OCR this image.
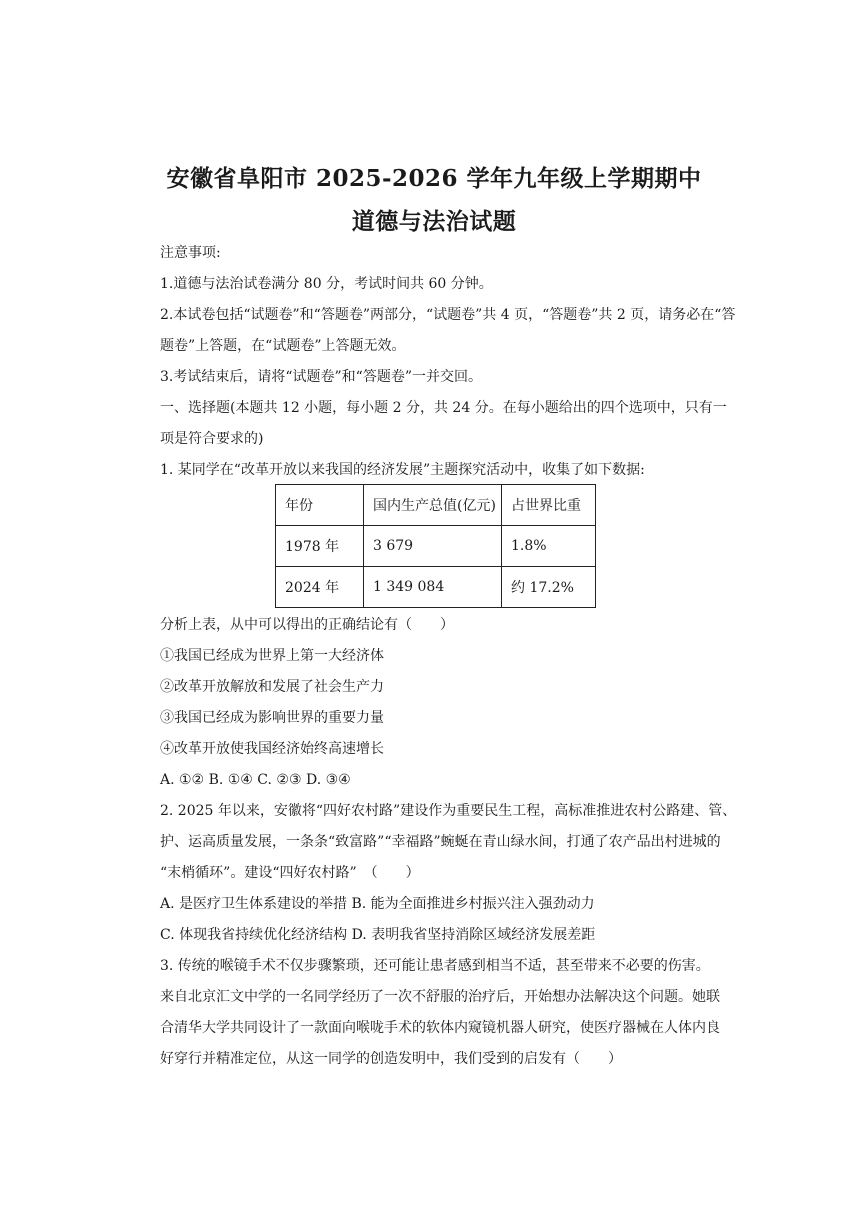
安徽省阜阳市 2025-2026 学年九年级上学期期中
道德与法治试题
注意事项:
1.道德与法治试卷满分 80 分，考试时间共 60 分钟。
2.本试卷包括“试题卷”和“答题卷”两部分，“试题卷”共 4 页，“答题卷”共 2 页，请务必在“答
题卷”上答题，在“试题卷”上答题无效。
3.考试结束后，请将“试题卷”和“答题卷”一并交回。
一、选择题(本题共 12 小题，每小题 2 分，共 24 分。在每小题给出的四个选项中，只有一
项是符合要求的)
1. 某同学在“改革开放以来我国的经济发展”主题探究活动中，收集了如下数据:
年份	国内生产总值(亿元)	占世界比重
1978 年	3 679	1.8%
2024 年	1 349 084	约 17.2%
分析上表，从中可以得出的正确结论有（　　）
①我国已经成为世界上第一大经济体
②改革开放解放和发展了社会生产力
③我国已经成为影响世界的重要力量
④改革开放使我国经济始终高速增长
A. ①② B. ①④ C. ②③ D. ③④
2. 2025 年以来，安徽将“四好农村路”建设作为重要民生工程，高标准推进农村公路建、管、
护、运高质量发展，一条条“致富路”“幸福路”蜿蜒在青山绿水间，打通了农产品出村进城的
“末梢循环”。建设“四好农村路”　（　　）
A. 是医疗卫生体系建设的举措 B. 能为全面推进乡村振兴注入强劲动力
C. 体现我省持续优化经济结构 D. 表明我省坚持消除区域经济发展差距
3. 传统的喉镜手术不仅步骤繁琐，还可能让患者感到相当不适，甚至带来不必要的伤害。
来自北京汇文中学的一名同学经历了一次不舒服的治疗后，开始想办法解决这个问题。她联
合清华大学共同设计了一款面向喉咙手术的软体内窥镜机器人研究，使医疗器械在人体内良
好穿行并精准定位，从这一同学的创造发明中，我们受到的启发有（　　）
